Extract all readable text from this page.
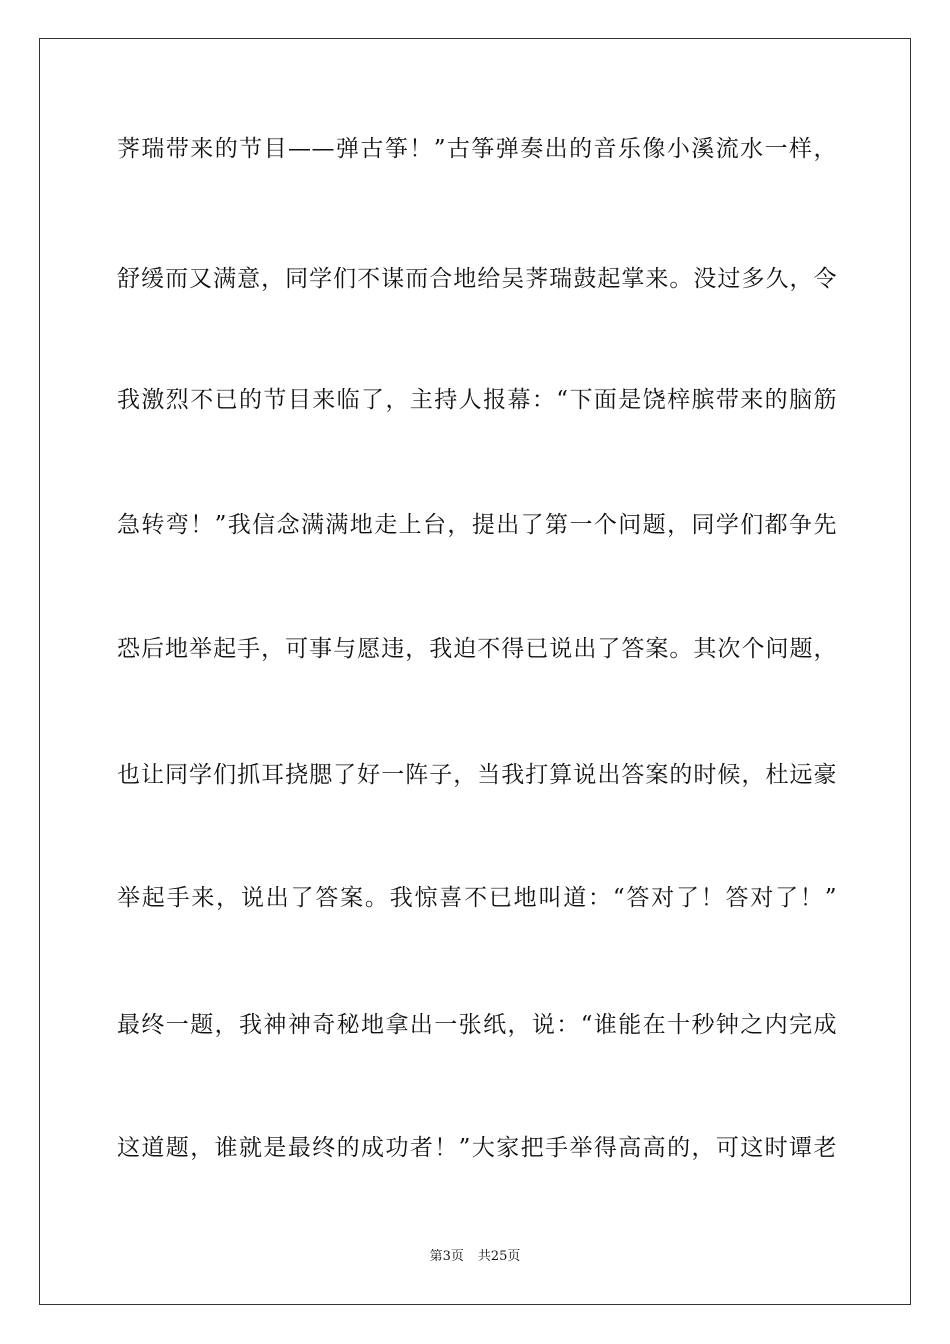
荠瑞带来的节目——弹古筝！”古筝弹奏出的音乐像小溪流水一样，
舒缓而又满意，同学们不谋而合地给吴荠瑞鼓起掌来。没过多久，令
我激烈不已的节目来临了，主持人报幕：“下面是饶梓膑带来的脑筋
急转弯！”我信念满满地走上台，提出了第一个问题，同学们都争先
恐后地举起手，可事与愿违，我迫不得已说出了答案。其次个问题，
也让同学们抓耳挠腮了好一阵子，当我打算说出答案的时候，杜远豪
举起手来，说出了答案。我惊喜不已地叫道：“答对了！答对了！”
最终一题，我神神奇秘地拿出一张纸，说：“谁能在十秒钟之内完成
这道题，谁就是最终的成功者！”大家把手举得高高的，可这时谭老
第3页 共25页
